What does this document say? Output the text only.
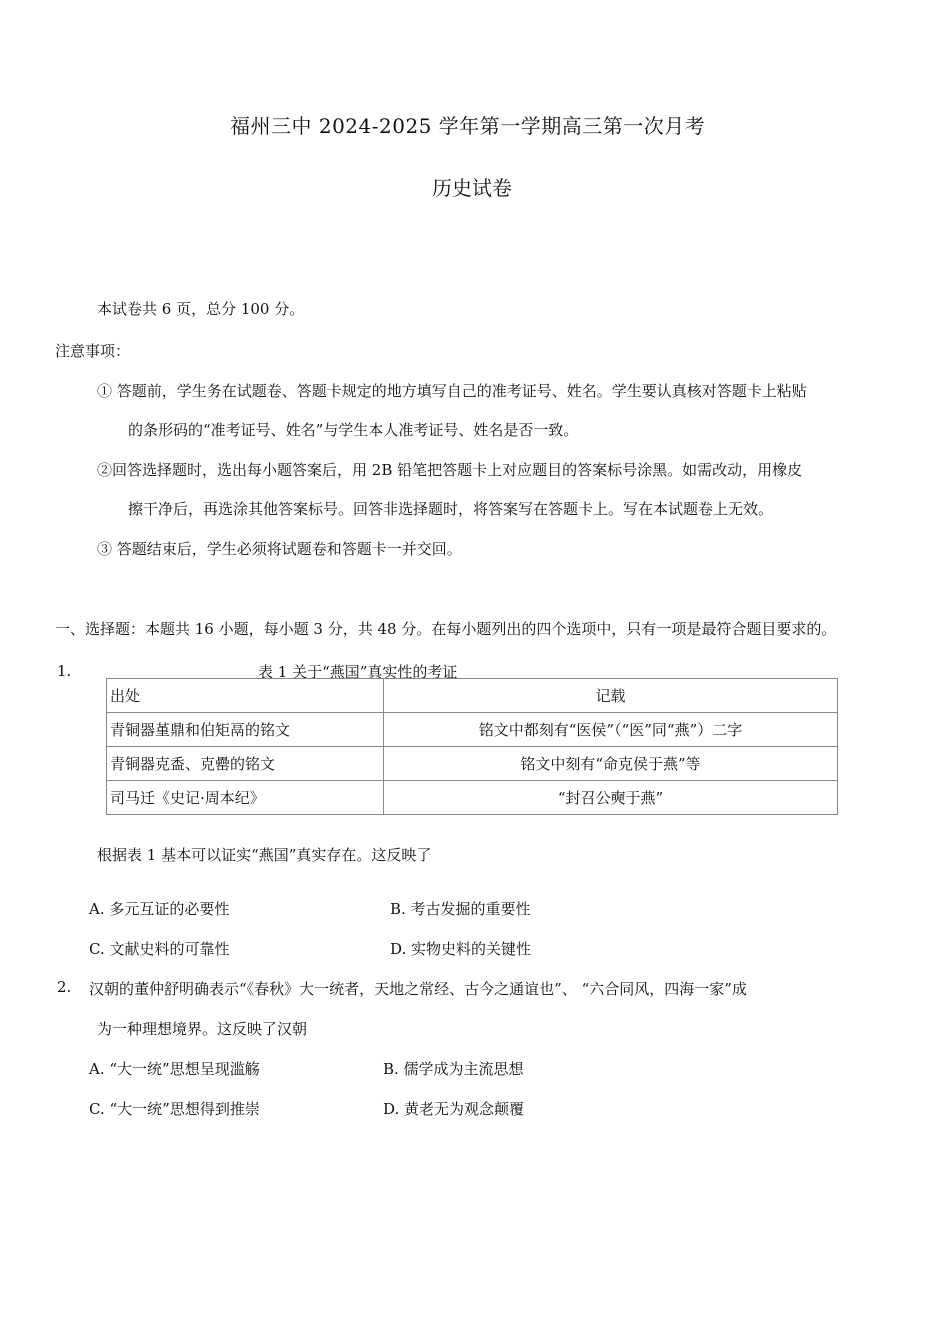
福州三中 2024-2025 学年第一学期高三第一次月考
历史试卷
本试卷共 6 页，总分 100 分。
注意事项：
① 答题前，学生务在试题卷、答题卡规定的地方填写自己的准考证号、姓名。学生要认真核对答题卡上粘贴
的条形码的“准考证号、姓名”与学生本人准考证号、姓名是否一致。
②回答选择题时，选出每小题答案后，用 2B 铅笔把答题卡上对应题目的答案标号涂黑。如需改动，用橡皮
擦干净后，再选涂其他答案标号。回答非选择题时，将答案写在答题卡上。写在本试题卷上无效。
③ 答题结束后，学生必须将试题卷和答题卡一并交回。
一、选择题：本题共 16 小题，每小题 3 分，共 48 分。在每小题列出的四个选项中，只有一项是最符合题目要求的。
1.	表 1 关于“燕国”真实性的考证
出处	记载
青铜器堇鼎和伯矩鬲的铭文	铭文中都刻有“医侯”（“医”同“燕”）二字
青铜器克盉、克罍的铭文	铭文中刻有“命克侯于燕”等
司马迁《史记·周本纪》	“封召公奭于燕”
根据表 1 基本可以证实“燕国”真实存在。这反映了
A. 多元互证的必要性	B. 考古发掘的重要性
C. 文献史料的可靠性	D. 实物史料的关键性
2. 汉朝的董仲舒明确表示“《春秋》大一统者，天地之常经、古今之通谊也”、 “六合同风，四海一家”成
为一种理想境界。这反映了汉朝
A. “大一统”思想呈现滥觞	B. 儒学成为主流思想
C. “大一统”思想得到推崇	D. 黄老无为观念颠覆
